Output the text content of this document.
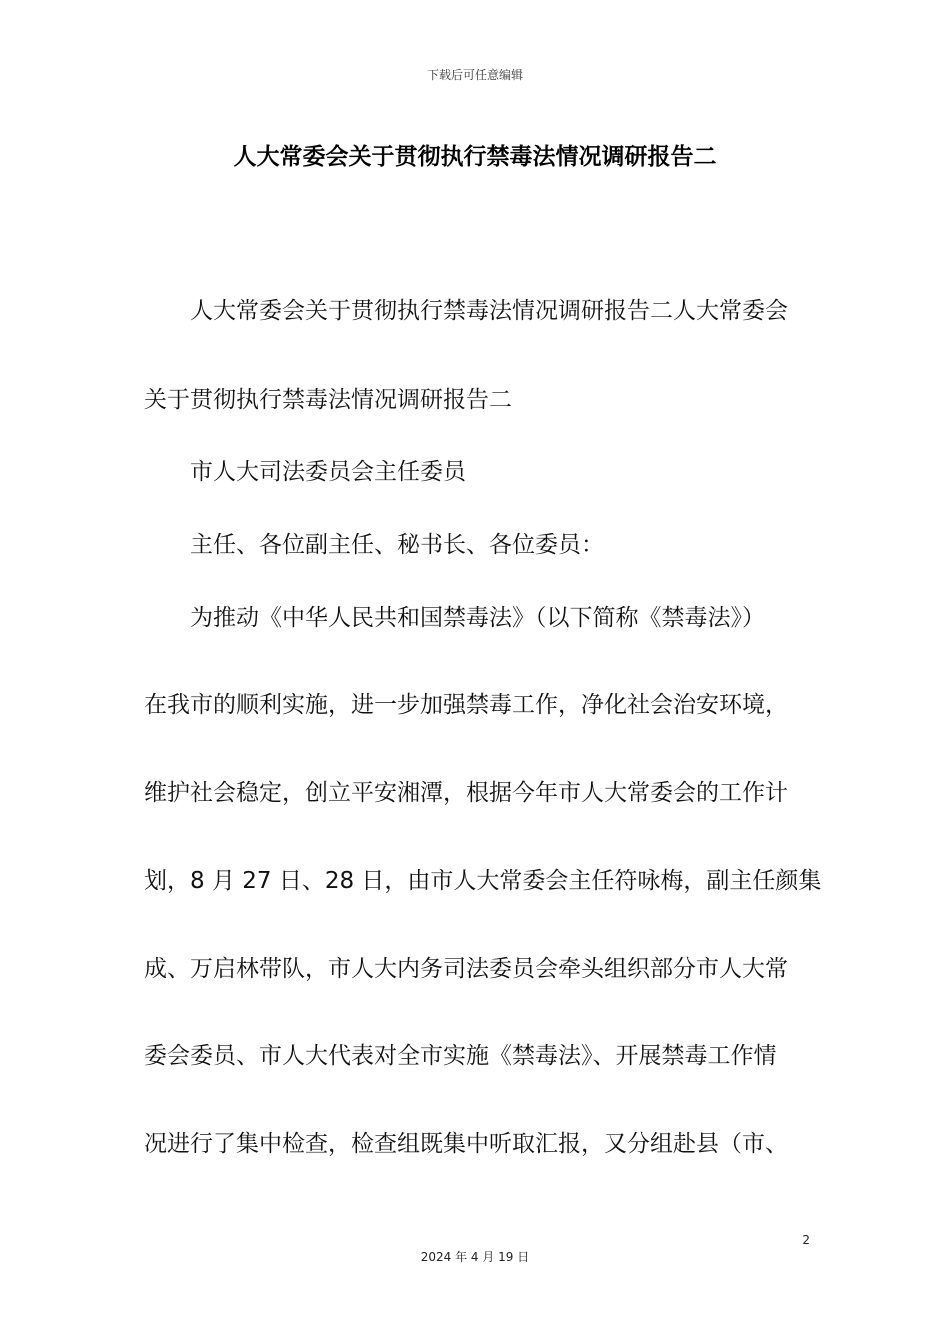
下载后可任意编辑
人大常委会关于贯彻执行禁毒法情况调研报告二
人大常委会关于贯彻执行禁毒法情况调研报告二人大常委会
关于贯彻执行禁毒法情况调研报告二
市人大司法委员会主任委员
主任、各位副主任、秘书长、各位委员：
为推动《中华人民共和国禁毒法》（以下简称《禁毒法》）
在我市的顺利实施，进一步加强禁毒工作，净化社会治安环境，
维护社会稳定，创立平安湘潭，根据今年市人大常委会的工作计
划，8 月 27 日、28 日，由市人大常委会主任符咏梅，副主任颜集
成、万启林带队，市人大内务司法委员会牵头组织部分市人大常
委会委员、市人大代表对全市实施《禁毒法》、开展禁毒工作情
况进行了集中检查，检查组既集中听取汇报，又分组赴县（市、
2
2024 年 4 月 19 日
